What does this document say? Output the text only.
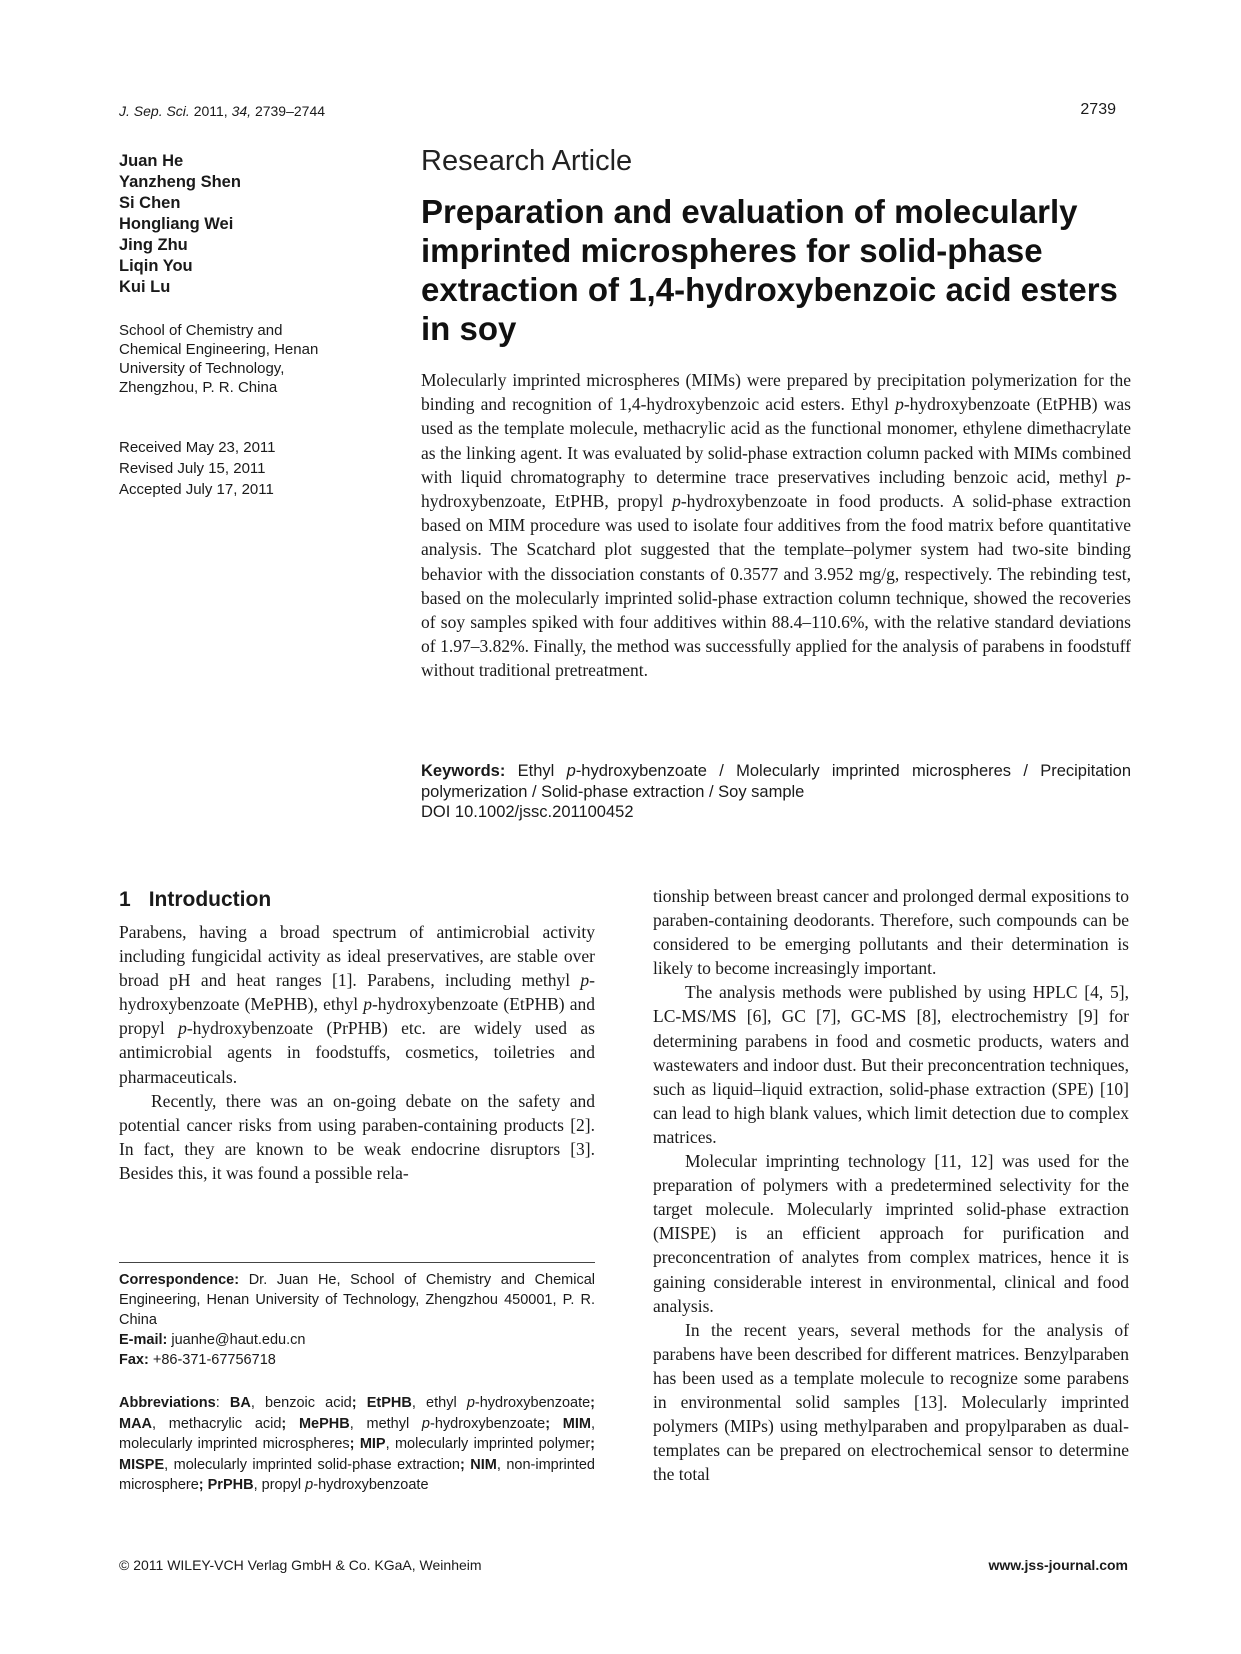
J. Sep. Sci. 2011, 34, 2739–2744	2739
Juan He
Yanzheng Shen
Si Chen
Hongliang Wei
Jing Zhu
Liqin You
Kui Lu
School of Chemistry and
Chemical Engineering, Henan
University of Technology,
Zhengzhou, P. R. China
Received May 23, 2011
Revised July 15, 2011
Accepted July 17, 2011
Research Article
Preparation and evaluation of molecularly
imprinted microspheres for solid-phase
extraction of 1,4-hydroxybenzoic acid esters
in soy
Molecularly imprinted microspheres (MIMs) were prepared by precipitation polymerization for the binding and recognition of 1,4-hydroxybenzoic acid esters. Ethyl p-hydroxybenzoate (EtPHB) was used as the template molecule, methacrylic acid as the functional monomer, ethylene dimethacrylate as the linking agent. It was evaluated by solid-phase extraction column packed with MIMs combined with liquid chromatography to determine trace preservatives including benzoic acid, methyl p-hydroxybenzoate, EtPHB, propyl p-hydroxybenzoate in food products. A solid-phase extraction based on MIM procedure was used to isolate four additives from the food matrix before quantitative analysis. The Scatchard plot suggested that the template–polymer system had two-site binding behavior with the dissociation constants of 0.3577 and 3.952 mg/g, respectively. The rebinding test, based on the molecularly imprinted solid-phase extraction column technique, showed the recoveries of soy samples spiked with four additives within 88.4–110.6%, with the relative standard deviations of 1.97–3.82%. Finally, the method was successfully applied for the analysis of parabens in foodstuff without traditional pretreatment.
Keywords: Ethyl p-hydroxybenzoate / Molecularly imprinted microspheres / Precipitation polymerization / Solid-phase extraction / Soy sample
DOI 10.1002/jssc.201100452
1 Introduction

Parabens, having a broad spectrum of antimicrobial activity including fungicidal activity as ideal preservatives, are stable over broad pH and heat ranges [1]. Parabens, including methyl p-hydroxybenzoate (MePHB), ethyl p-hydroxybenzoate (EtPHB) and propyl p-hydroxybenzoate (PrPHB) etc. are widely used as antimicrobial agents in foodstuffs, cosmetics, toiletries and pharmaceuticals.

Recently, there was an on-going debate on the safety and potential cancer risks from using paraben-containing products [2]. In fact, they are known to be weak endocrine disruptors [3]. Besides this, it was found a possible rela-

tionship between breast cancer and prolonged dermal expositions to paraben-containing deodorants. Therefore, such compounds can be considered to be emerging pollutants and their determination is likely to become increasingly important.

The analysis methods were published by using HPLC [4, 5], LC-MS/MS [6], GC [7], GC-MS [8], electrochemistry [9] for determining parabens in food and cosmetic products, waters and wastewaters and indoor dust. But their preconcentration techniques, such as liquid–liquid extraction, solid-phase extraction (SPE) [10] can lead to high blank values, which limit detection due to complex matrices.

Molecular imprinting technology [11, 12] was used for the preparation of polymers with a predetermined selectivity for the target molecule. Molecularly imprinted solid-phase extraction (MISPE) is an efficient approach for purification and preconcentration of analytes from complex matrices, hence it is gaining considerable interest in environmental, clinical and food analysis.

In the recent years, several methods for the analysis of parabens have been described for different matrices. Benzylparaben has been used as a template molecule to recognize some parabens in environmental solid samples [13]. Molecularly imprinted polymers (MIPs) using methylparaben and propylparaben as dual-templates can be prepared on electrochemical sensor to determine the total

Correspondence: Dr. Juan He, School of Chemistry and Chemical Engineering, Henan University of Technology, Zhengzhou 450001, P. R. China
E-mail: juanhe@haut.edu.cn
Fax: +86-371-67756718
Abbreviations: BA, benzoic acid; EtPHB, ethyl p-hydroxybenzoate; MAA, methacrylic acid; MePHB, methyl p-hydroxybenzoate; MIM, molecularly imprinted microspheres; MIP, molecularly imprinted polymer; MISPE, molecularly imprinted solid-phase extraction; NIM, non-imprinted microsphere; PrPHB, propyl p-hydroxybenzoate
© 2011 WILEY-VCH Verlag GmbH & Co. KGaA, Weinheim	www.jss-journal.com
